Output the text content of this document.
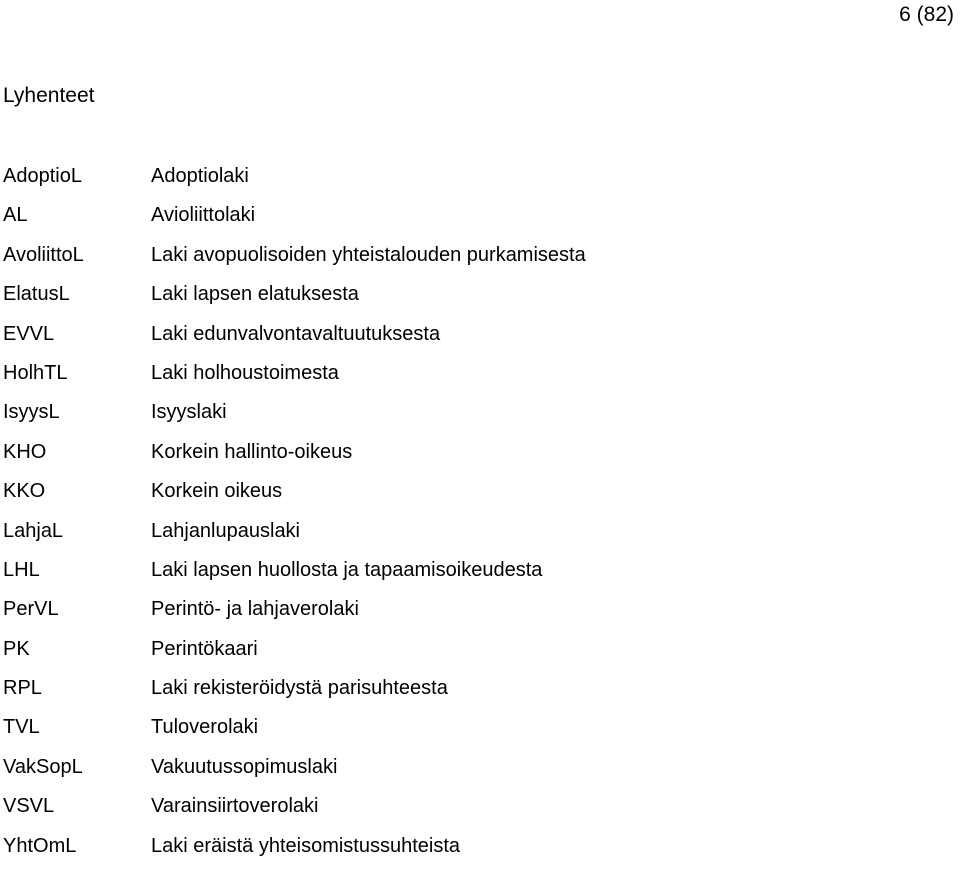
6 (82)
Lyhenteet
AdoptioL	Adoptiolaki
AL	Avioliittolaki
AvoliittoL	Laki avopuolisoiden yhteistalouden purkamisesta
ElatusL	Laki lapsen elatuksesta
EVVL	Laki edunvalvontavaltuutuksesta
HolhTL	Laki holhoustoimesta
IsyysL	Isyyslaki
KHO	Korkein hallinto-oikeus
KKO	Korkein oikeus
LahjaL	Lahjanlupauslaki
LHL	Laki lapsen huollosta ja tapaamisoikeudesta
PerVL	Perintö- ja lahjaverolaki
PK	Perintökaari
RPL	Laki rekisteröidystä parisuhteesta
TVL	Tuloverolaki
VakSopL	Vakuutussopimuslaki
VSVL	Varainsiirtoverolaki
YhtOmL	Laki eräistä yhteisomistussuhteista
